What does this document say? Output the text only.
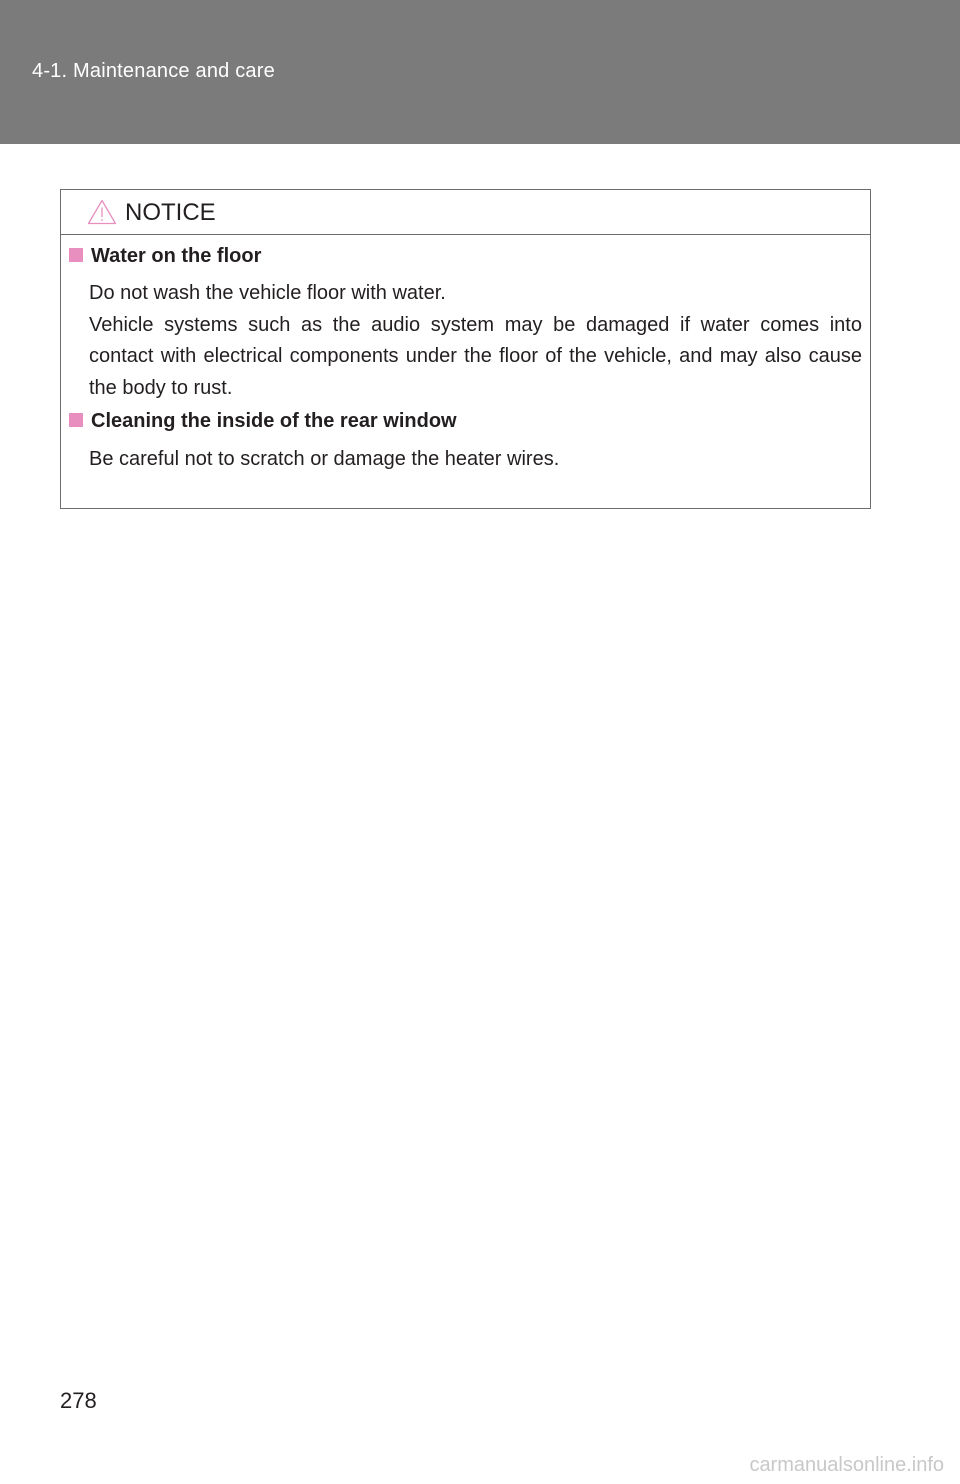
4-1. Maintenance and care
NOTICE
Water on the floor
Do not wash the vehicle floor with water.
Vehicle systems such as the audio system may be damaged if water comes into contact with electrical components under the floor of the vehicle, and may also cause the body to rust.
Cleaning the inside of the rear window
Be careful not to scratch or damage the heater wires.
278
carmanualsonline.info
